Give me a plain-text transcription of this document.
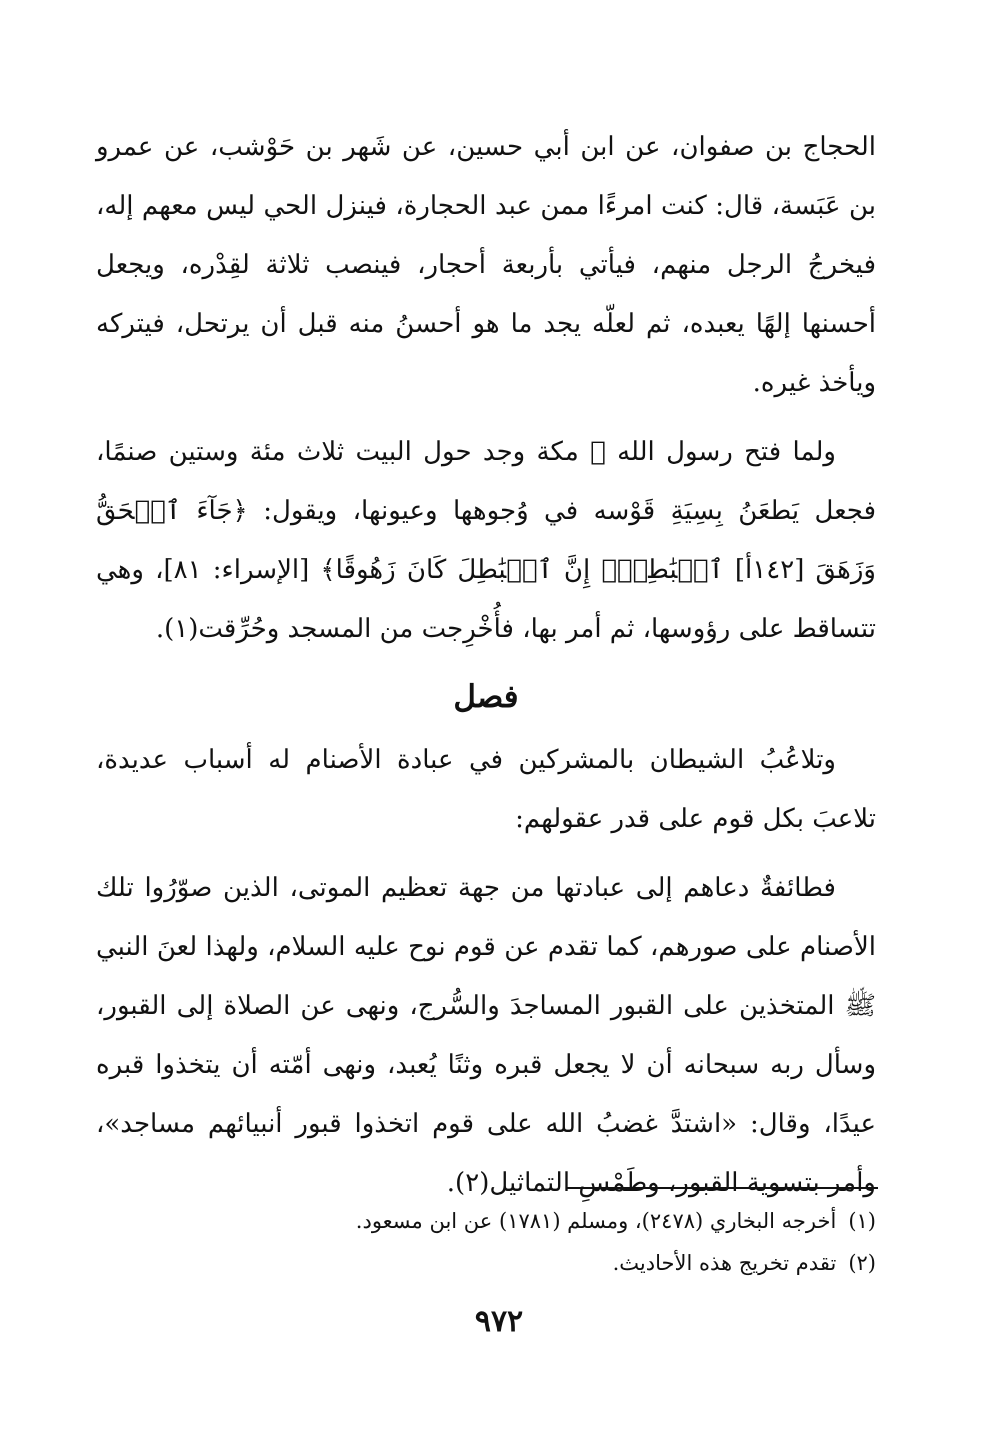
الحجاج بن صفوان، عن ابن أبي حسين، عن شَهر بن حَوْشب، عن عمرو بن عَبَسة، قال: كنت امرءًا ممن عبد الحجارة، فينزل الحي ليس معهم إله، فيخرجُ الرجل منهم، فيأتي بأربعة أحجار، فينصب ثلاثة لقِدْره، ويجعل أحسنها إلهًا يعبده، ثم لعلّه يجد ما هو أحسنُ منه قبل أن يرتحل، فيتركه ويأخذ غيره.

ولما فتح رسول الله ﷺ مكة وجد حول البيت ثلاث مئة وستين صنمًا، فجعل يَطعَنُ بِسِيَةِ قَوْسه في وُجوهها وعيونها، ويقول: ﴿جَآءَ ٱلۡحَقُّ وَزَهَقَ [١٤٢أ] ٱلۡبَٰطِلُۚ إِنَّ ٱلۡبَٰطِلَ كَانَ زَهُوقًا﴾ [الإسراء: ٨١]، وهي تتساقط على رؤوسها، ثم أمر بها، فأُخْرِجت من المسجد وحُرِّقت(١).

فصل

وتلاعُبُ الشيطان بالمشركين في عبادة الأصنام له أسباب عديدة، تلاعبَ بكل قوم على قدر عقولهم:

فطائفةٌ دعاهم إلى عبادتها من جهة تعظيم الموتى، الذين صوّرُوا تلك الأصنام على صورهم، كما تقدم عن قوم نوح عليه السلام، ولهذا لعنَ النبي ﷺ المتخذين على القبور المساجدَ والسُّرج، ونهى عن الصلاة إلى القبور، وسأل ربه سبحانه أن لا يجعل قبره وثنًا يُعبد، ونهى أمّته أن يتخذوا قبره عيدًا، وقال: «اشتدَّ غضبُ الله على قوم اتخذوا قبور أنبيائهم مساجد»، وأمر بتسوية القبور، وطَمْسِ التماثيل(٢).

(١)أخرجه البخاري (٢٤٧٨)، ومسلم (١٧٨١) عن ابن مسعود.

(٢)تقدم تخريج هذه الأحاديث.

٩٧٢
